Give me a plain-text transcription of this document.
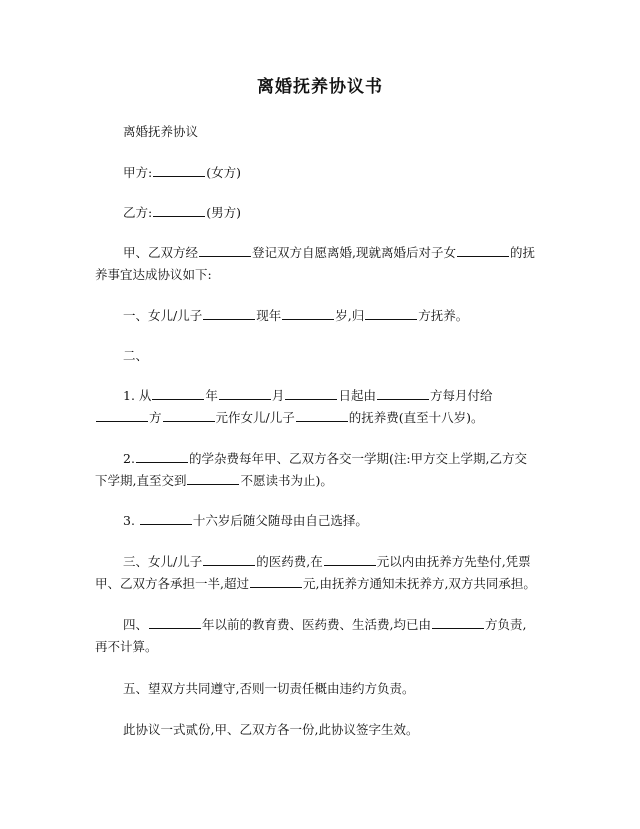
离婚抚养协议书
离婚抚养协议
甲方:	(女方)
乙方:	(男方)
甲、乙双方经	登记双方自愿离婚,现就离婚后对子女	的抚
养事宜达成协议如下:
一、女儿/儿子	现年	岁,归	方抚养。
二、
1. 从	年	月	日起由	方每月付给
方	元作女儿/儿子	的抚养费(直至十八岁)。
2.	的学杂费每年甲、乙双方各交一学期(注:甲方交上学期,乙方交
下学期,直至交到	不愿读书为止)。
3.	十六岁后随父随母由自己选择。
三、女儿/儿子	的医药费,在	元以内由抚养方先垫付,凭票
甲、乙双方各承担一半,超过	元,由抚养方通知未抚养方,双方共同承担。
四、	年以前的教育费、医药费、生活费,均已由	方负责,
再不计算。
五、望双方共同遵守,否则一切责任概由违约方负责。
此协议一式贰份,甲、乙双方各一份,此协议签字生效。
